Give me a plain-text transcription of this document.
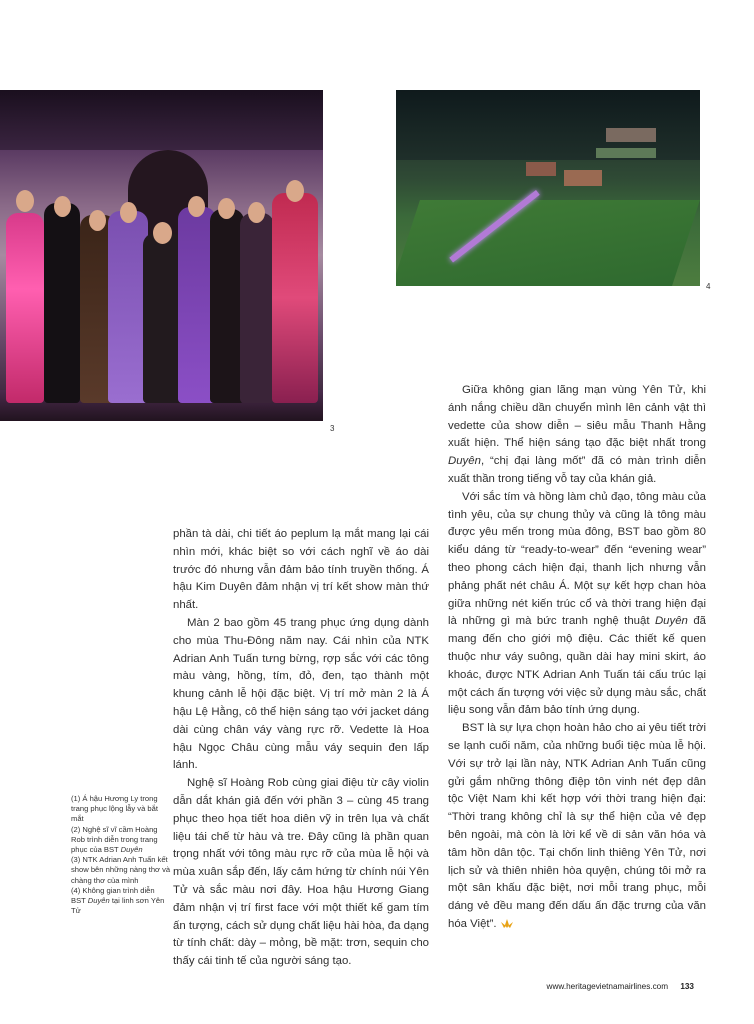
3
4

phần tà dài, chi tiết áo peplum lạ mắt mang lại cái nhìn mới, khác biệt so với cách nghĩ về áo dài trước đó nhưng vẫn đảm bảo tính truyền thống. Á hậu Kim Duyên đảm nhận vị trí kết show màn thứ nhất.

Màn 2 bao gồm 45 trang phục ứng dụng dành cho mùa Thu-Đông năm nay. Cái nhìn của NTK Adrian Anh Tuấn tưng bừng, rợp sắc với các tông màu vàng, hồng, tím, đỏ, đen, tạo thành một khung cảnh lễ hội đặc biệt. Vị trí mở màn 2 là Á hậu Lệ Hằng, cô thể hiện sáng tạo với jacket dáng dài cùng chân váy vàng rực rỡ. Vedette là Hoa hậu Ngọc Châu cùng mẫu váy sequin đen lấp lánh.

Nghệ sĩ Hoàng Rob cùng giai điệu từ cây violin dẫn dắt khán giả đến với phần 3 – cùng 45 trang phục theo họa tiết hoa diên vỹ in trên lụa và chất liệu tái chế từ hàu và tre. Đây cũng là phần quan trọng nhất với tông màu rực rỡ của mùa lễ hội và mùa xuân sắp đến, lấy cảm hứng từ chính núi Yên Tử và sắc màu nơi đây. Hoa hậu Hương Giang đảm nhận vị trí first face với một thiết kế gam tím ấn tượng, cách sử dụng chất liệu hài hòa, đa dạng từ tính chất: dày – mỏng, bề mặt: trơn, sequin cho thấy cái tinh tế của người sáng tạo.

Giữa không gian lãng mạn vùng Yên Tử, khi ánh nắng chiều dần chuyển mình lên cảnh vật thì vedette của show diễn – siêu mẫu Thanh Hằng xuất hiện. Thể hiện sáng tạo đặc biệt nhất trong Duyên, “chị đại làng mốt” đã có màn trình diễn xuất thần trong tiếng vỗ tay của khán giả.

Với sắc tím và hồng làm chủ đạo, tông màu của tình yêu, của sự chung thủy và cũng là tông màu được yêu mến trong mùa đông, BST bao gồm 80 kiểu dáng từ “ready-to-wear” đến “evening wear” theo phong cách hiện đại, thanh lịch nhưng vẫn phảng phất nét châu Á. Một sự kết hợp chan hòa giữa những nét kiến trúc cổ và thời trang hiện đại là những gì mà bức tranh nghệ thuật Duyên đã mang đến cho giới mộ điệu. Các thiết kế quen thuộc như váy suông, quần dài hay mini skirt, áo khoác, được NTK Adrian Anh Tuấn tái cấu trúc lại một cách ấn tượng với việc sử dụng màu sắc, chất liệu song vẫn đảm bảo tính ứng dụng.

BST là sự lựa chọn hoàn hảo cho ai yêu tiết trời se lạnh cuối năm, của những buổi tiệc mùa lễ hội. Với sự trở lại lần này, NTK Adrian Anh Tuấn cũng gửi gắm những thông điệp tôn vinh nét đẹp dân tộc Việt Nam khi kết hợp với thời trang hiện đại: “Thời trang không chỉ là sự thể hiện của vẻ đẹp bên ngoài, mà còn là lời kể về di sản văn hóa và tâm hồn dân tộc. Tại chốn linh thiêng Yên Tử, nơi lịch sử và thiên nhiên hòa quyện, chúng tôi mở ra một sân khấu đặc biệt, nơi mỗi trang phục, mỗi dáng vẻ đều mang đến dấu ấn đặc trưng của văn hóa Việt”.

(1) Á hậu Hương Ly trong trang phục lộng lẫy và bắt mắt
(2) Nghệ sĩ vĩ cầm Hoàng Rob trình diễn trong trang phục của BST Duyên
(3) NTK Adrian Anh Tuấn kết show bên những nàng thơ và chàng thơ của mình
(4) Không gian trình diễn BST Duyên tại linh sơn Yên Tử
www.heritagevietnamairlines.com 133
